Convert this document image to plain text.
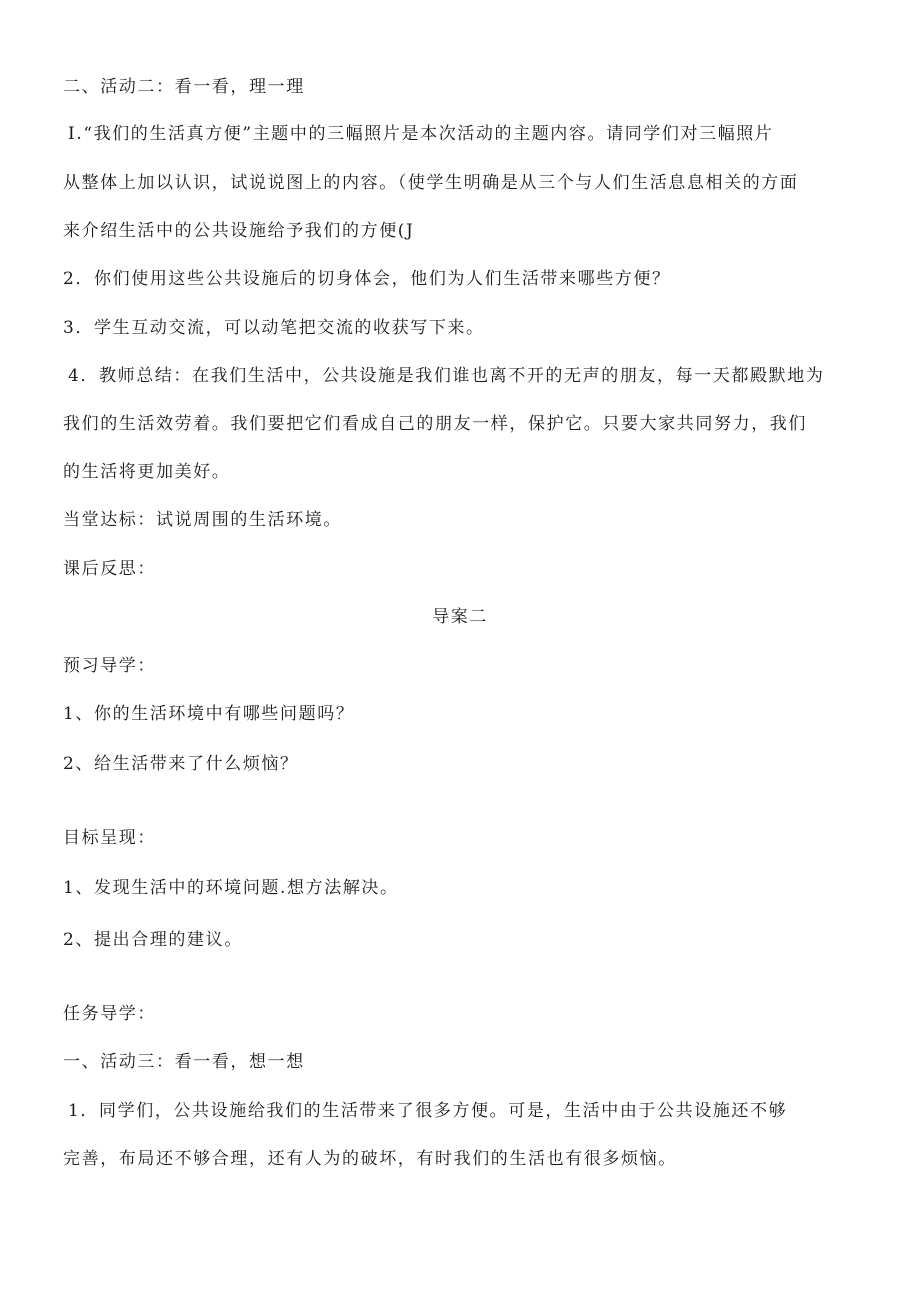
二、活动二：看一看，理一理
I.“我们的生活真方便”主题中的三幅照片是本次活动的主题内容。请同学们对三幅照片
从整体上加以认识，试说说图上的内容。（使学生明确是从三个与人们生活息息相关的方面
来介绍生活中的公共设施给予我们的方便(J
2．你们使用这些公共设施后的切身体会，他们为人们生活带来哪些方便？
3．学生互动交流，可以动笔把交流的收获写下来。
4．教师总结：在我们生活中，公共设施是我们谁也离不开的无声的朋友，每一天都殿默地为
我们的生活效劳着。我们要把它们看成自己的朋友一样，保护它。只要大家共同努力，我们
的生活将更加美好。
当堂达标：试说周围的生活环境。
课后反思：
导案二
预习导学：
1、你的生活环境中有哪些问题吗？
2、给生活带来了什么烦恼？
目标呈现：
1、发现生活中的环境问题.想方法解决。
2、提出合理的建议。
任务导学：
一、活动三：看一看，想一想
1．同学们，公共设施给我们的生活带来了很多方便。可是，生活中由于公共设施还不够
完善，布局还不够合理，还有人为的破坏，有时我们的生活也有很多烦恼。
